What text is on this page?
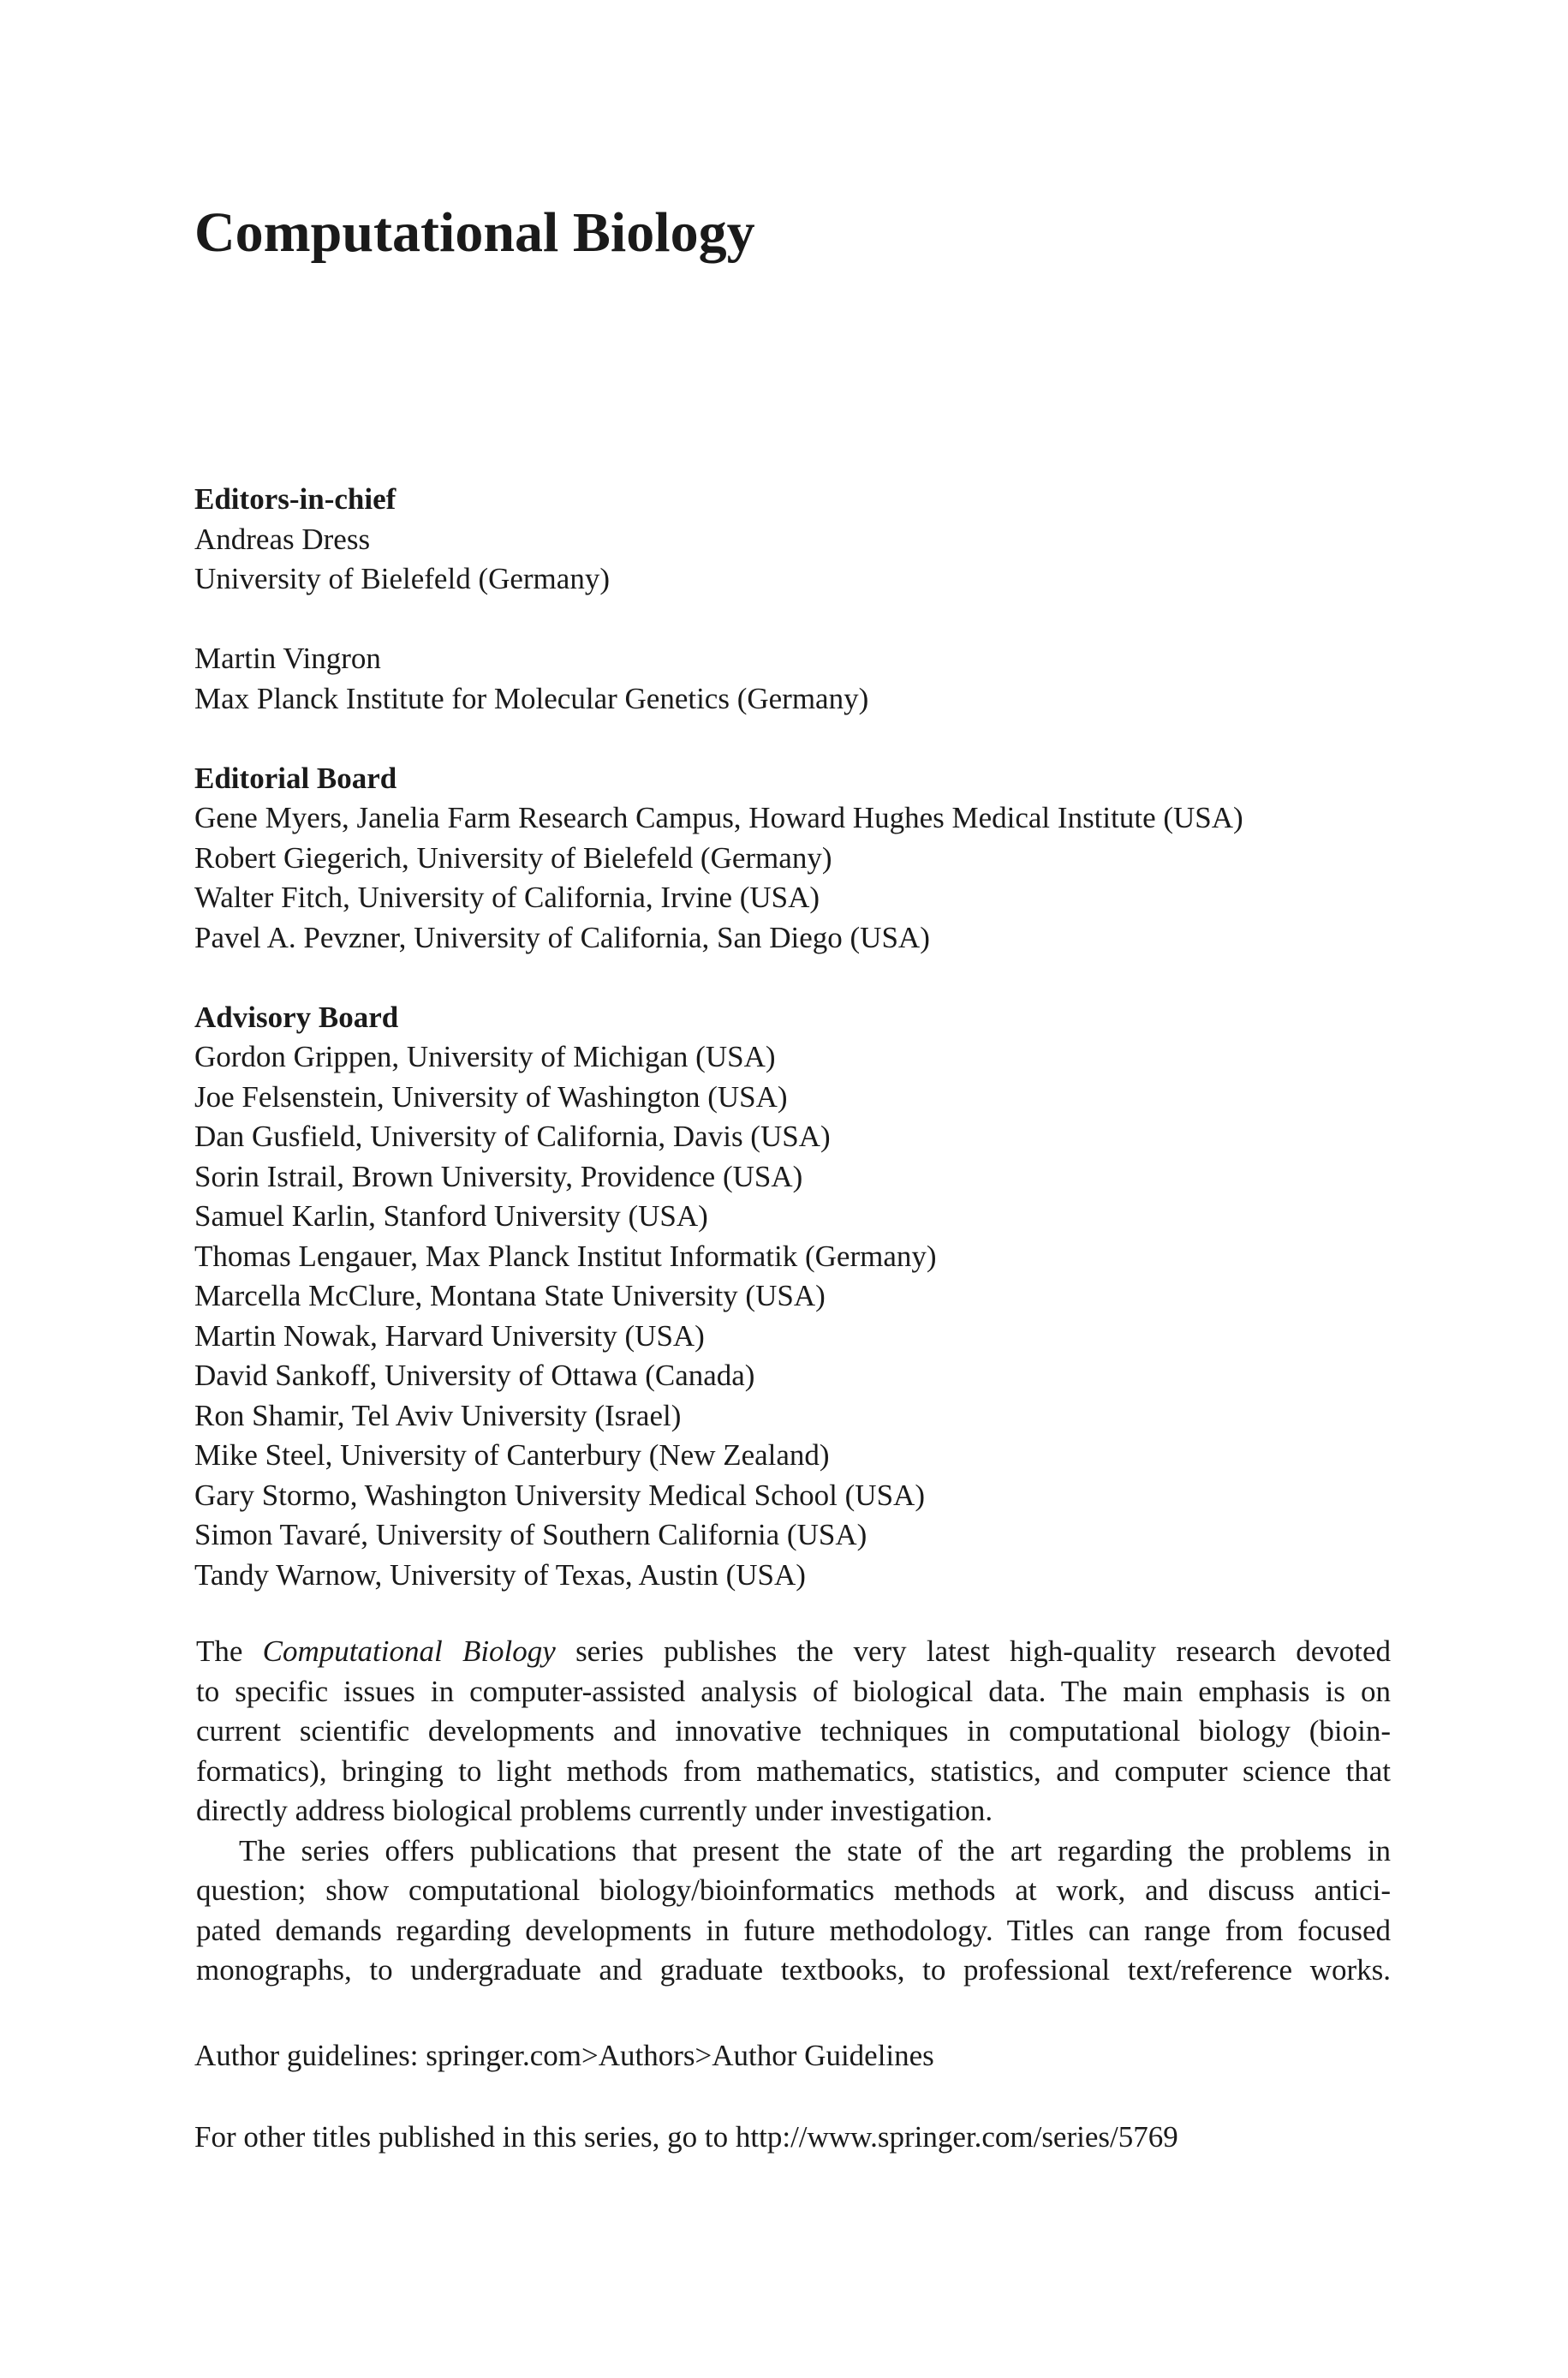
Computational Biology
Editors-in-chief
Andreas Dress
University of Bielefeld (Germany)
Martin Vingron
Max Planck Institute for Molecular Genetics (Germany)
Editorial Board
Gene Myers, Janelia Farm Research Campus, Howard Hughes Medical Institute (USA)
Robert Giegerich, University of Bielefeld (Germany)
Walter Fitch, University of California, Irvine (USA)
Pavel A. Pevzner, University of California, San Diego (USA)
Advisory Board
Gordon Grippen, University of Michigan (USA)
Joe Felsenstein, University of Washington (USA)
Dan Gusfield, University of California, Davis (USA)
Sorin Istrail, Brown University, Providence (USA)
Samuel Karlin, Stanford University (USA)
Thomas Lengauer, Max Planck Institut Informatik (Germany)
Marcella McClure, Montana State University (USA)
Martin Nowak, Harvard University (USA)
David Sankoff, University of Ottawa (Canada)
Ron Shamir, Tel Aviv University (Israel)
Mike Steel, University of Canterbury (New Zealand)
Gary Stormo, Washington University Medical School (USA)
Simon Tavaré, University of Southern California (USA)
Tandy Warnow, University of Texas, Austin (USA)

The Computational Biology series publishes the very latest high-quality research devoted
to specific issues in computer-assisted analysis of biological data. The main emphasis is on
current scientific developments and innovative techniques in computational biology (bioin-
formatics), bringing to light methods from mathematics, statistics, and computer science that
directly address biological problems currently under investigation.

The series offers publications that present the state of the art regarding the problems in
question; show computational biology/bioinformatics methods at work, and discuss antici-
pated demands regarding developments in future methodology. Titles can range from focused
monographs, to undergraduate and graduate textbooks, to professional text/reference works.

Author guidelines: springer.com>Authors>Author Guidelines
For other titles published in this series, go to http://www.springer.com/series/5769
